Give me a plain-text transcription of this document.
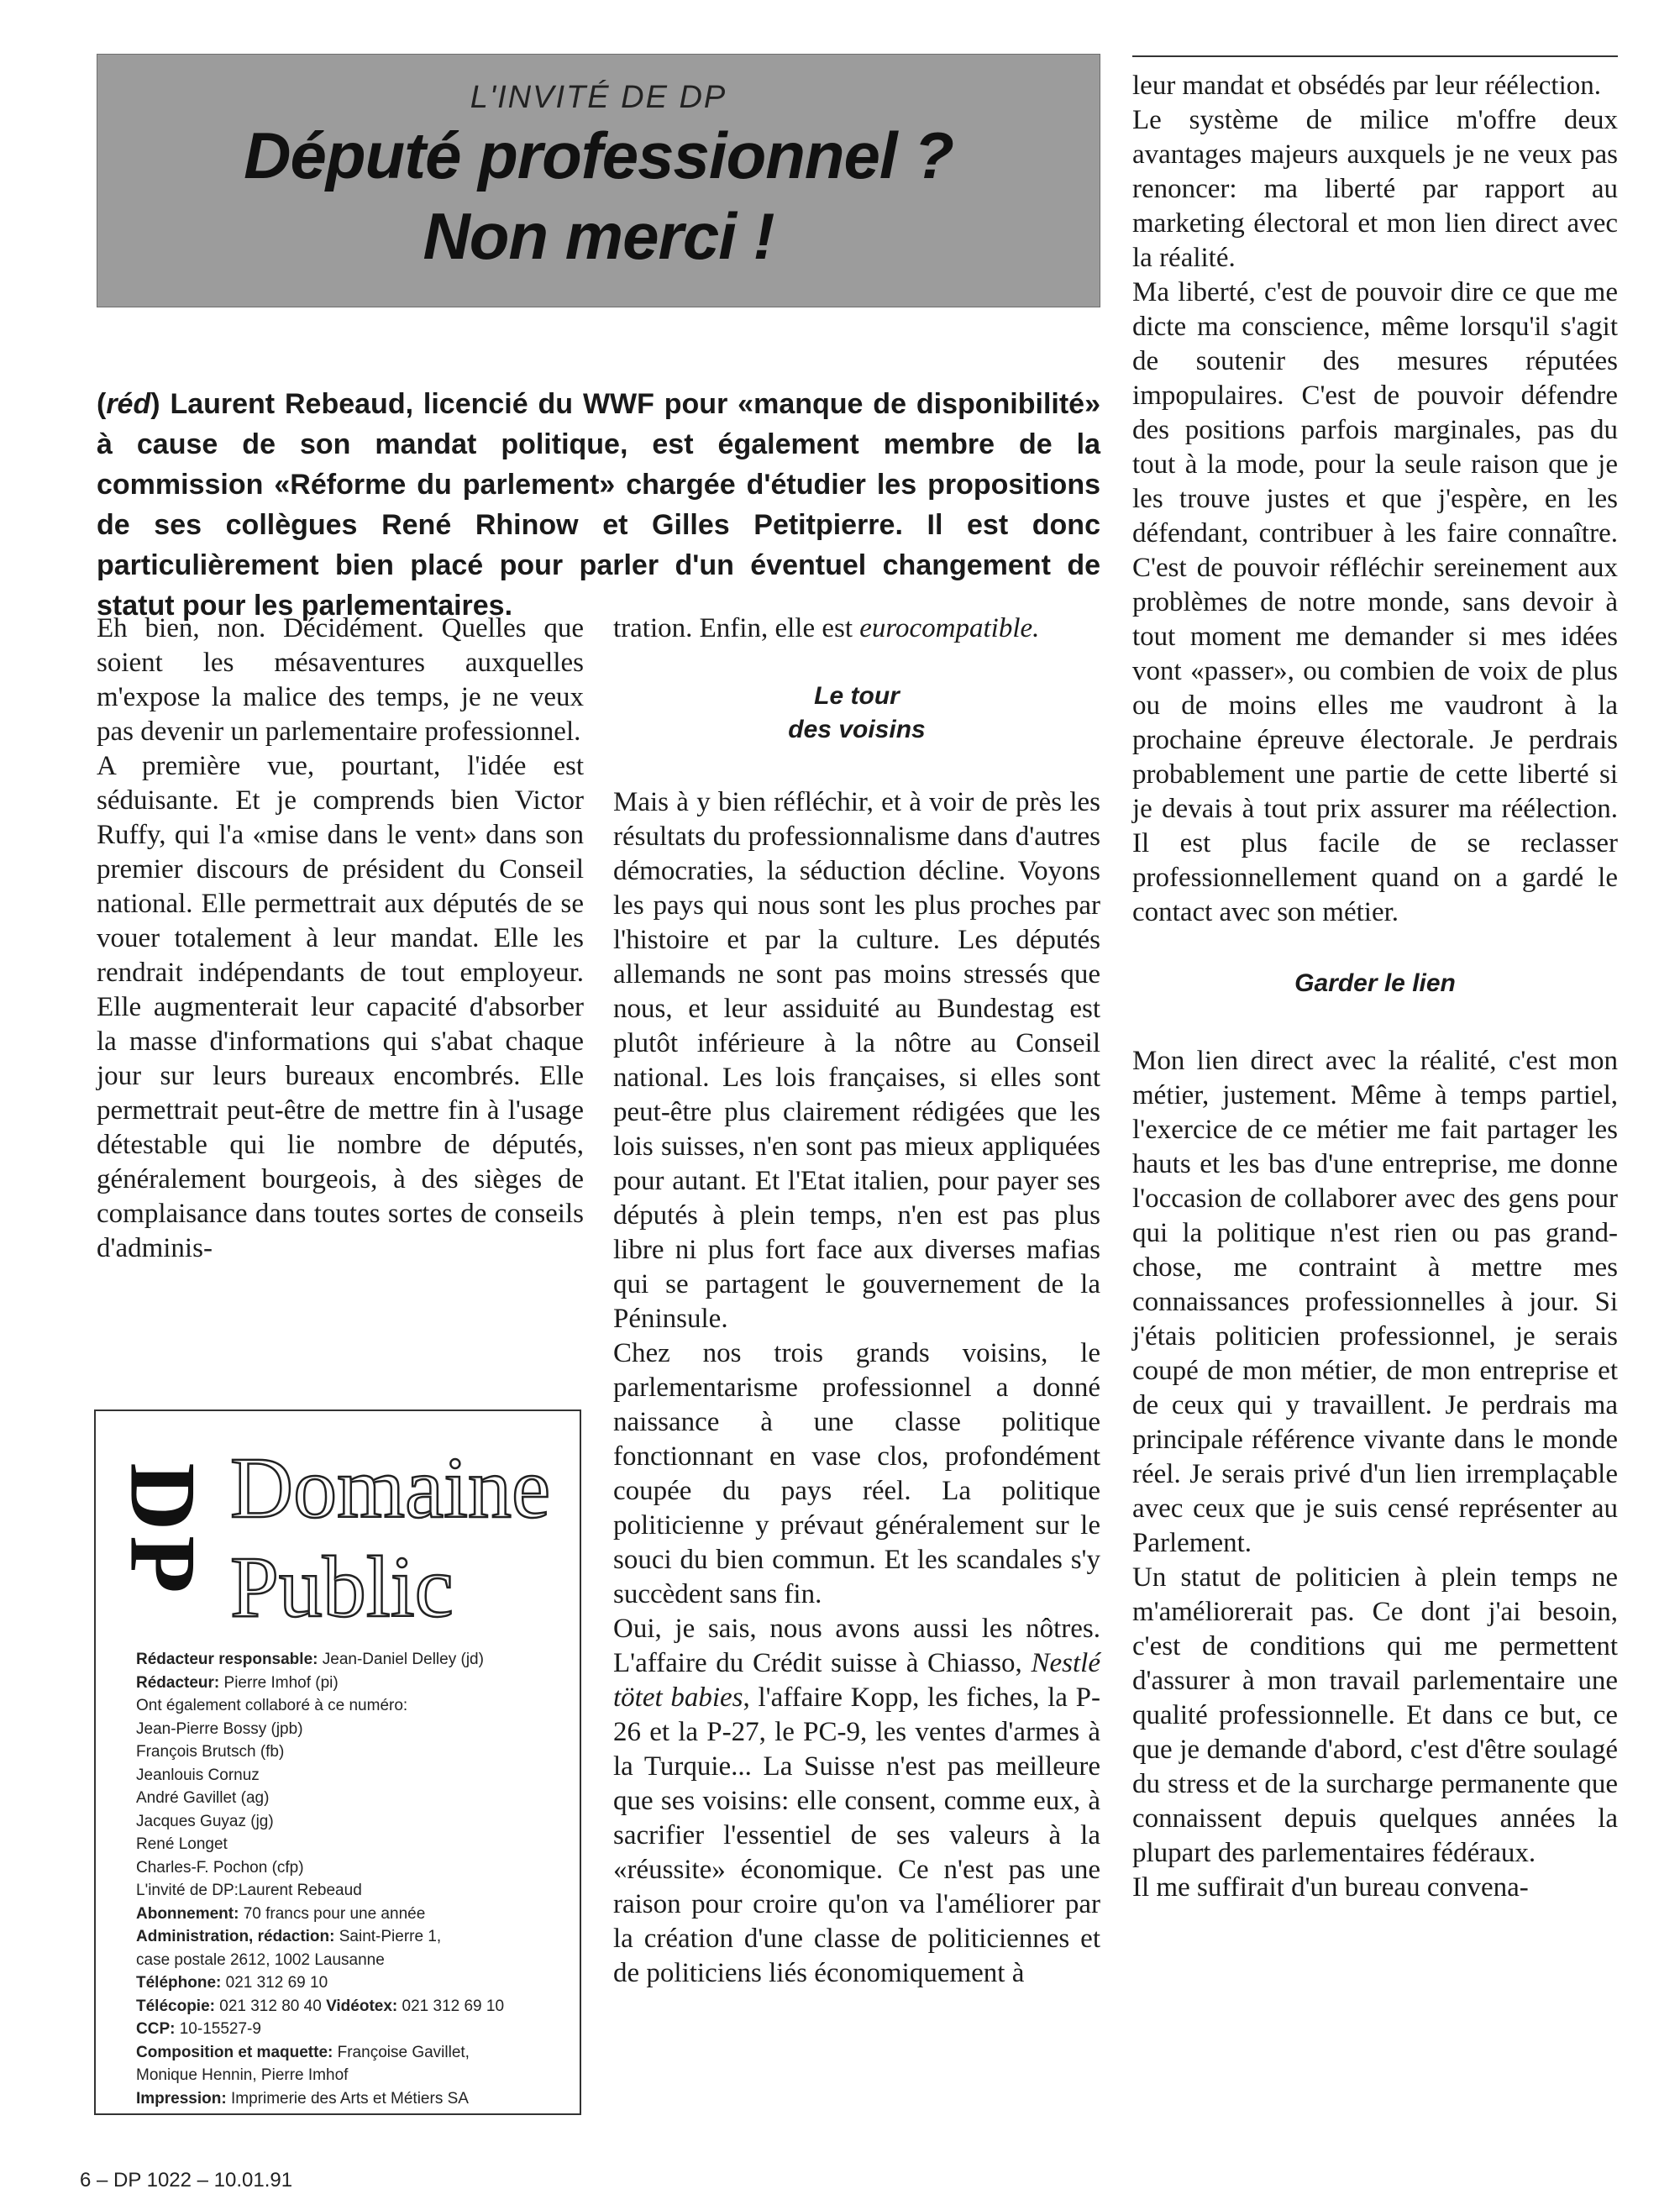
L'INVITÉ DE DP
Député professionnel ?
Non merci !
(réd) Laurent Rebeaud, licencié du WWF pour «manque de disponibilité» à cause de son mandat politique, est également membre de la commission «Réforme du parlement» chargée d'étudier les propositions de ses collègues René Rhinow et Gilles Petitpierre. Il est donc particulièrement bien placé pour parler d'un éventuel changement de statut pour les parlementaires.

Eh bien, non. Décidément. Quelles que soient les mésaventures auxquelles m'expose la malice des temps, je ne veux pas devenir un parlementaire professionnel.

A première vue, pourtant, l'idée est séduisante. Et je comprends bien Victor Ruffy, qui l'a «mise dans le vent» dans son premier discours de président du Conseil national. Elle permettrait aux députés de se vouer totalement à leur mandat. Elle les rendrait indépendants de tout employeur. Elle augmenterait leur capacité d'absorber la masse d'informations qui s'abat chaque jour sur leurs bureaux encombrés. Elle permettrait peut-être de mettre fin à l'usage détestable qui lie nombre de députés, généralement bourgeois, à des sièges de complaisance dans toutes sortes de conseils d'adminis-

tration. Enfin, elle est eurocompatible.

Le tour
des voisins

Mais à y bien réfléchir, et à voir de près les résultats du professionnalisme dans d'autres démocraties, la séduction décline. Voyons les pays qui nous sont les plus proches par l'histoire et par la culture. Les députés allemands ne sont pas moins stressés que nous, et leur assiduité au Bundestag est plutôt inférieure à la nôtre au Conseil national. Les lois françaises, si elles sont peut-être plus clairement rédigées que les lois suisses, n'en sont pas mieux appliquées pour autant. Et l'Etat italien, pour payer ses députés à plein temps, n'en est pas plus libre ni plus fort face aux diverses mafias qui se partagent le gouvernement de la Péninsule.

Chez nos trois grands voisins, le parlementarisme professionnel a donné naissance à une classe politique fonctionnant en vase clos, profondément coupée du pays réel. La politique politicienne y prévaut généralement sur le souci du bien commun. Et les scandales s'y succèdent sans fin.

Oui, je sais, nous avons aussi les nôtres. L'affaire du Crédit suisse à Chiasso, Nestlé tötet babies, l'affaire Kopp, les fiches, la P-26 et la P-27, le PC-9, les ventes d'armes à la Turquie... La Suisse n'est pas meilleure que ses voisins: elle consent, comme eux, à sacrifier l'essentiel de ses valeurs à la «réussite» économique. Ce n'est pas une raison pour croire qu'on va l'améliorer par la création d'une classe de politiciennes et de politiciens liés économiquement à

leur mandat et obsédés par leur réélection.

Le système de milice m'offre deux avantages majeurs auxquels je ne veux pas renoncer: ma liberté par rapport au marketing électoral et mon lien direct avec la réalité.

Ma liberté, c'est de pouvoir dire ce que me dicte ma conscience, même lorsqu'il s'agit de soutenir des mesures réputées impopulaires. C'est de pouvoir défendre des positions parfois marginales, pas du tout à la mode, pour la seule raison que je les trouve justes et que j'espère, en les défendant, contribuer à les faire connaître. C'est de pouvoir réfléchir sereinement aux problèmes de notre monde, sans devoir à tout moment me demander si mes idées vont «passer», ou combien de voix de plus ou de moins elles me vaudront à la prochaine épreuve électorale. Je perdrais probablement une partie de cette liberté si je devais à tout prix assurer ma réélection. Il est plus facile de se reclasser professionnellement quand on a gardé le contact avec son métier.

Garder le lien

Mon lien direct avec la réalité, c'est mon métier, justement. Même à temps partiel, l'exercice de ce métier me fait partager les hauts et les bas d'une entreprise, me donne l'occasion de collaborer avec des gens pour qui la politique n'est rien ou pas grand-chose, me contraint à mettre mes connaissances professionnelles à jour. Si j'étais politicien professionnel, je serais coupé de mon métier, de mon entreprise et de ceux qui y travaillent. Je perdrais ma principale référence vivante dans le monde réel. Je serais privé d'un lien irremplaçable avec ceux que je suis censé représenter au Parlement.

Un statut de politicien à plein temps ne m'améliorerait pas. Ce dont j'ai besoin, c'est de conditions qui me permettent d'assurer à mon travail parlementaire une qualité professionnelle. Et dans ce but, ce que je demande d'abord, c'est d'être soulagé du stress et de la surcharge permanente que connaissent depuis quelques années la plupart des parlementaires fédéraux.

Il me suffirait d'un bureau convena-

DP Domaine
Public
Rédacteur responsable: Jean-Daniel Delley (jd)
Rédacteur: Pierre Imhof (pi)
Ont également collaboré à ce numéro:
Jean-Pierre Bossy (jpb)
François Brutsch (fb)
Jeanlouis Cornuz
André Gavillet (ag)
Jacques Guyaz (jg)
René Longet
Charles-F. Pochon (cfp)
L'invité de DP:Laurent Rebeaud
Abonnement: 70 francs pour une année
Administration, rédaction: Saint-Pierre 1,
case postale 2612, 1002 Lausanne
Téléphone: 021 312 69 10
Télécopie: 021 312 80 40 Vidéotex: 021 312 69 10
CCP: 10-15527-9
Composition et maquette: Françoise Gavillet,
Monique Hennin, Pierre Imhof
Impression: Imprimerie des Arts et Métiers SA
6 – DP 1022 – 10.01.91
